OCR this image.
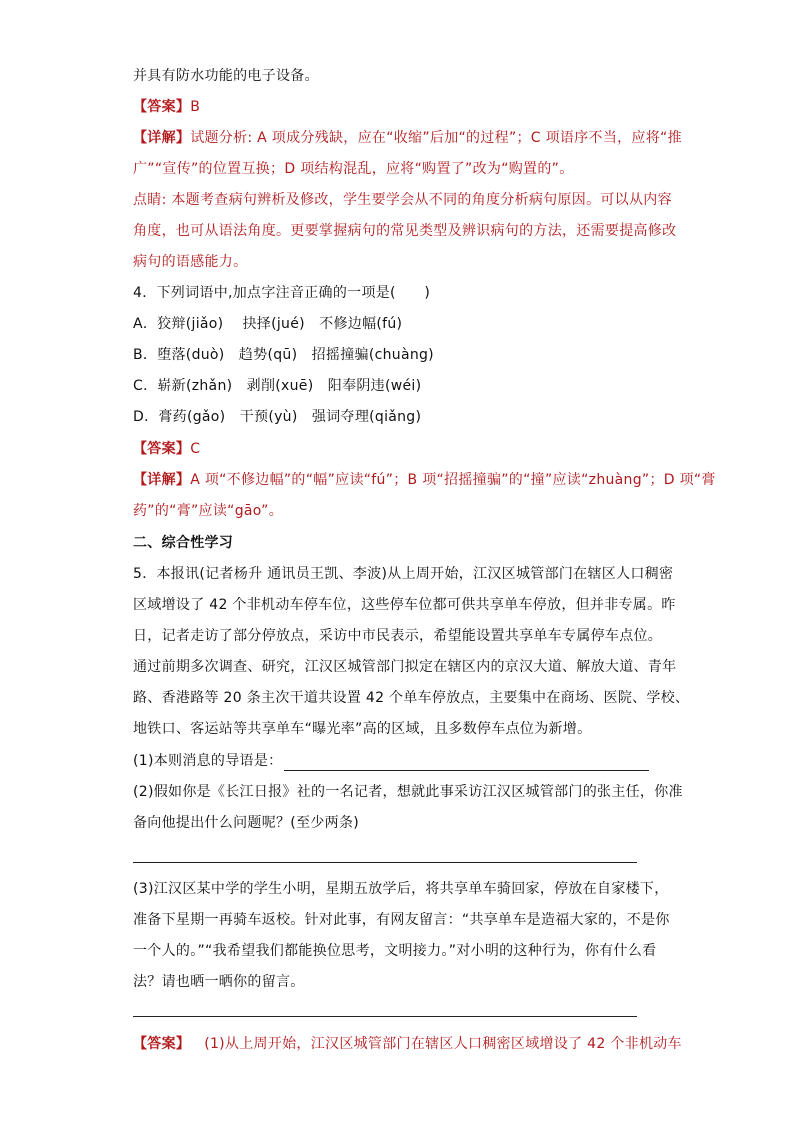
并具有防水功能的电子设备。
【答案】B
【详解】试题分析: A 项成分残缺，应在“收缩”后加“的过程”；C 项语序不当，应将“推
广”“宣传”的位置互换；D 项结构混乱，应将“购置了”改为“购置的”。
点睛: 本题考查病句辨析及修改，学生要学会从不同的角度分析病句原因。可以从内容
角度，也可从语法角度。更要掌握病句的常见类型及辨识病句的方法，还需要提高修改
病句的语感能力。
4．下列词语中,加点字注音正确的一项是(　　)
A．狡辩(jiǎo)　 抉择(jué)　不修边幅(fú)
B．堕落(duò)　趋势(qū)　招摇撞骗(chuàng)
C．崭新(zhǎn)　剥削(xuē)　阳奉阴违(wéi)
D．膏药(gǎo)　干预(yù)　强词夺理(qiǎng)
【答案】C
【详解】A 项“不修边幅”的“幅”应读“fú”；B 项“招摇撞骗”的“撞”应读“zhuàng”；D 项“膏
药”的“膏”应读“gāo”。
二、综合性学习
5．本报讯(记者杨升 通讯员王凯、李波)从上周开始，江汉区城管部门在辖区人口稠密
区域增设了 42 个非机动车停车位，这些停车位都可供共享单车停放，但并非专属。昨
日，记者走访了部分停放点，采访中市民表示，希望能设置共享单车专属停车点位。
通过前期多次调查、研究，江汉区城管部门拟定在辖区内的京汉大道、解放大道、青年
路、香港路等 20 条主次干道共设置 42 个单车停放点，主要集中在商场、医院、学校、
地铁口、客运站等共享单车“曝光率”高的区域，且多数停车点位为新增。
(1)本则消息的导语是：
(2)假如你是《长江日报》社的一名记者，想就此事采访江汉区城管部门的张主任，你准
备向他提出什么问题呢？(至少两条)
(3)江汉区某中学的学生小明，星期五放学后，将共享单车骑回家，停放在自家楼下，
准备下星期一再骑车返校。针对此事，有网友留言：“共享单车是造福大家的，不是你
一个人的。”“我希望我们都能换位思考，文明接力。”对小明的这种行为，你有什么看
法？请也晒一晒你的留言。
【答案】 (1)从上周开始，江汉区城管部门在辖区人口稠密区域增设了 42 个非机动车
